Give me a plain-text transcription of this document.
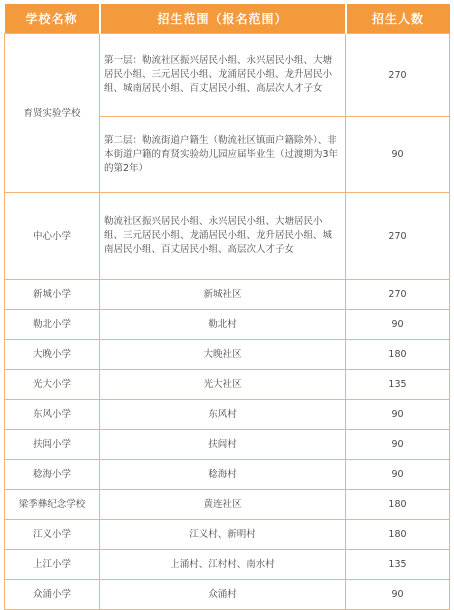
学校名称	招生范围（报名范围）	招生人数
育贤实验学校	第一层：勒流社区振兴居民小组、永兴居民小组、大塘居民小组、三元居民小组、龙涌居民小组、龙升居民小组、城南居民小组、百丈居民小组、高层次人才子女	270
	第二层：勒流街道户籍生（勒流社区镇面户籍除外）、非本街道户籍的育贤实验幼儿园应届毕业生（过渡期为3年的第2年）	90
中心小学	勒流社区振兴居民小组、永兴居民小组、大塘居民小组、三元居民小组、龙涌居民小组、龙升居民小组、城南居民小组、百丈居民小组、高层次人才子女	270
新城小学	新城社区	270
勒北小学	勒北村	90
大晚小学	大晚社区	180
光大小学	光大社区	135
东风小学	东风村	90
扶闾小学	扶闾村	90
稔海小学	稔海村	90
梁季彝纪念学校	黄连社区	180
江义小学	江义村、新明村	180
上江小学	上涌村、江村村、南水村	135
众涌小学	众涌村	90
